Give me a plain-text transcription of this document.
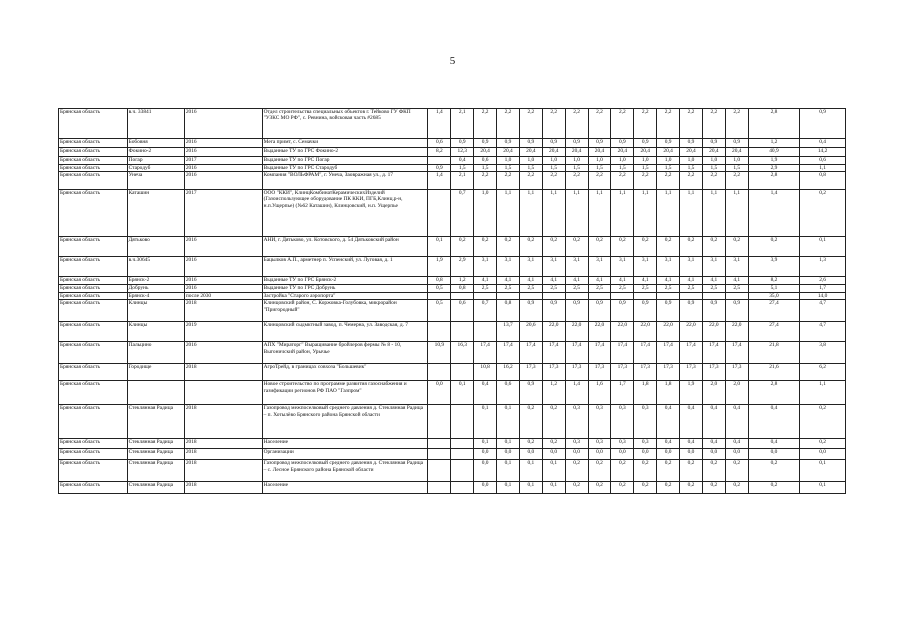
5
Брянская область	в.ч. 33841	2016	Отдел строительства специальных объектов г. Тейково ГУ ФКП "УЗКС МО РФ", с. Ревнина, войсковая часть #2685	1,4	2,1	2,2	2,2	2,2	2,2	2,2	2,2	2,2	2,2	2,2	2,2	2,2	2,2	2,8	0,9
Брянская область	Бобовня	2016	Мега примт, с. Семачки	0,6	0,9	0,9	0,9	0,9	0,9	0,9	0,9	0,9	0,9	0,9	0,9	0,9	0,9	1,2	0,4
Брянская область	Фокино-2	2016	Выданные ТУ по ГРС Фокино-2	8,2	12,3	20,4	20,4	20,4	20,4	20,4	20,4	20,4	20,4	20,4	20,4	20,4	20,4	40,9	14,2
Брянская область	Погар	2017	Выданные ТУ по ГРС Погар		0,4	0,6	1,0	1,0	1,0	1,0	1,0	1,0	1,0	1,0	1,0	1,0	1,0	1,9	0,6
Брянская область	Стародуб	2016	Выданные ТУ по ГРС Стародуб	0,9	1,5	1,5	1,5	1,5	1,5	1,5	1,5	1,5	1,5	1,5	1,5	1,5	1,5	2,9	1,1
Брянская область	Унеча	2016	Компания "ВОЛЬФРАМ", г. Унеча, Заовражная ул., д. 17	1,4	2,1	2,2	2,2	2,2	2,2	2,2	2,2	2,2	2,2	2,2	2,2	2,2	2,2	2,8	0,8
Брянская область	Каташин	2017	ООО "ККИ", КлинцКомбинатКерамическихИзделий (Газоиспользующее оборудование ПК ККИ, ПГБ,Клинц.р-н, н.п.Ущерпье) (№62 Каташин), Клинцовский, н.п. Ущерпье		0,7	1,0	1,1	1,1	1,1	1,1	1,1	1,1	1,1	1,1	1,1	1,1	1,1	1,4	0,2
Брянская область	Дятьково	2016	АНИ, г. Дятьково, ул. Котовского, д. 54 Дятьковский район	0,1	0,2	0,2	0,2	0,2	0,2	0,2	0,2	0,2	0,2	0,2	0,2	0,2	0,2	0,2	0,1
Брянская область	в.ч.30645	2016	Бацылков А.П., арметнер п. Успенский, ул. Луговая, д. 1	1,9	2,9	3,1	3,1	3,1	3,1	3,1	3,1	3,1	3,1	3,1	3,1	3,1	3,1	3,9	1,3
Брянская область	Брянск-2	2016	Выданные ТУ по ГРС Брянск-2	0,8	1,2	4,1	4,1	4,1	4,1	4,1	4,1	4,1	4,1	4,1	4,1	4,1	4,1	8,2	2,6
Брянская область	Добрунь	2016	Выданные ТУ по ГРС Добрунь	0,5	0,8	2,5	2,5	2,5	2,5	2,5	2,5	2,5	2,5	2,5	2,5	2,5	2,5	5,1	1,7
Брянская область	Брянск-4	после 2030	Застройка "Старого аэропорта"															35,0	14,0
Брянская область	Клинцы	2018	Клинцовский район, С. Коржовка-Голубовка, микрорайон "Пригородный"	0,5	0,6	0,7	0,8	0,9	0,9	0,9	0,9	0,9	0,9	0,9	0,9	0,9	0,9	27,4	4,7
Брянская область	Клинцы	2019	Клинцовский сыдмктный завод, п. Чемерна, ул. Заводская, д. 7				13,7	20,6	22,0	22,0	22,0	22,0	22,0	22,0	22,0	22,0	22,0	27,4	4,7
Брянская область	Пальцино	2016	АПХ "Мираторг" Выращивание бройлеров фермы № 8 - 10, Выгоничский район, Урычье	10,9	16,3	17,4	17,4	17,4	17,4	17,4	17,4	17,4	17,4	17,4	17,4	17,4	17,4	21,8	3,8
Брянская область	Городище	2018	АгроТрейд, в границах совхоза "Большевик"			10,8	16,2	17,3	17,3	17,3	17,3	17,3	17,3	17,3	17,3	17,3	17,3	21,6	6,2
Брянская область			Новое строительство по программе развития газоснабжения и газификации регионов РФ ПАО "Газпром"	0,0	0,1	0,4	0,6	0,9	1,2	1,4	1,6	1,7	1,8	1,8	1,9	2,0	2,0	2,8	1,1
Брянская область	Стеклянная Радица	2018	Газопровод межпоселковый среднего давления д. Стеклянная Радица – п. Хотылёво Брянского района Брянской области			0,1	0,1	0,2	0,2	0,3	0,3	0,3	0,3	0,4	0,4	0,4	0,4	0,4	0,2
Брянская область	Стеклянная Радица	2018	Население			0,1	0,1	0,2	0,2	0,3	0,3	0,3	0,3	0,4	0,4	0,4	0,4	0,4	0,2
Брянская область	Стеклянная Радица	2018	Организации			0,0	0,0	0,0	0,0	0,0	0,0	0,0	0,0	0,0	0,0	0,0	0,0	0,0	0,0
Брянская область	Стеклянная Радица	2018	Газопровод межпоселковый среднего давления д. Стеклянная Радица – с. Лесное Брянского района Брянской области			0,0	0,1	0,1	0,1	0,2	0,2	0,2	0,2	0,2	0,2	0,2	0,2	0,2	0,1
Брянская область	Стеклянная Радица	2018	Население			0,0	0,1	0,1	0,1	0,2	0,2	0,2	0,2	0,2	0,2	0,2	0,2	0,2	0,1
